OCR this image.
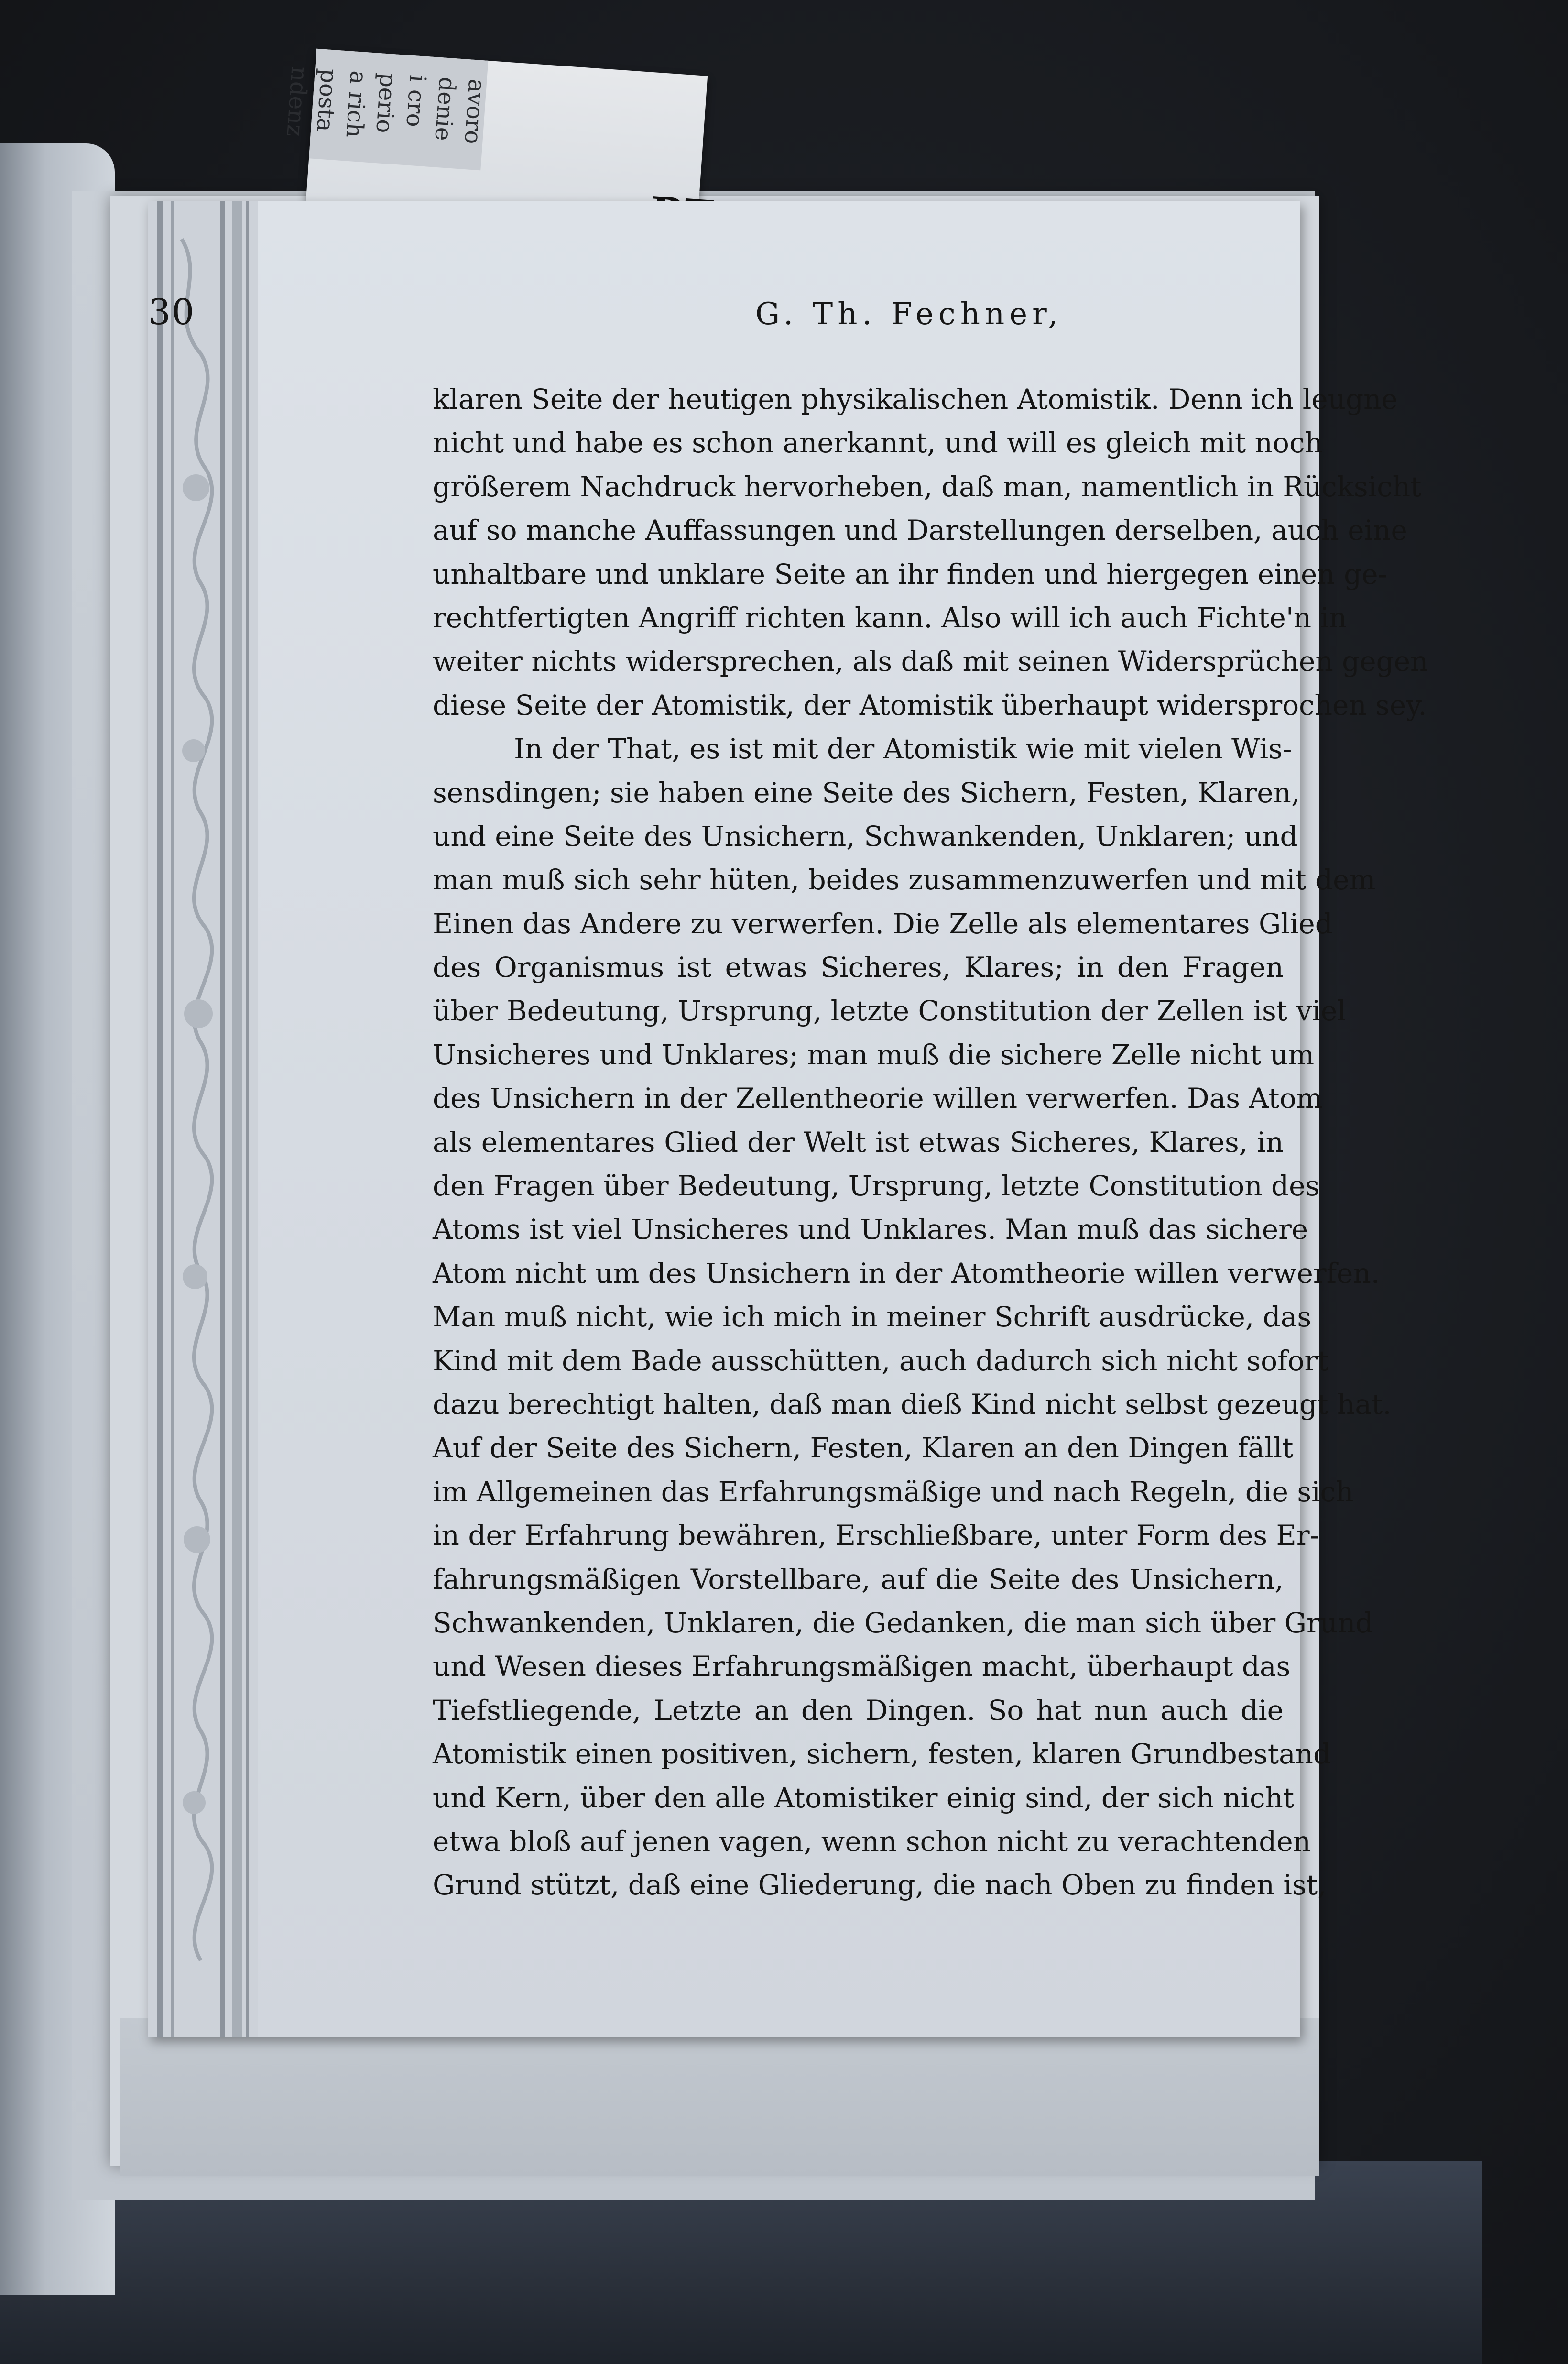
avoro
denie
i cro
perio
a rich
posta
ndenz
30	G. Th. Fechner,
klaren Seite der heutigen physikalischen Atomistik. Denn ich leugne
nicht und habe es schon anerkannt, und will es gleich mit noch
größerem Nachdruck hervorheben, daß man, namentlich in Rücksicht
auf so manche Auffassungen und Darstellungen derselben, auch eine
unhaltbare und unklare Seite an ihr finden und hiergegen einen ge-
rechtfertigten Angriff richten kann. Also will ich auch Fichte'n in
weiter nichts widersprechen, als daß mit seinen Widersprüchen gegen
diese Seite der Atomistik, der Atomistik überhaupt widersprochen sey.
In der That, es ist mit der Atomistik wie mit vielen Wis-
sensdingen; sie haben eine Seite des Sichern, Festen, Klaren,
und eine Seite des Unsichern, Schwankenden, Unklaren; und
man muß sich sehr hüten, beides zusammenzuwerfen und mit dem
Einen das Andere zu verwerfen. Die Zelle als elementares Glied
des Organismus ist etwas Sicheres, Klares; in den Fragen
über Bedeutung, Ursprung, letzte Constitution der Zellen ist viel
Unsicheres und Unklares; man muß die sichere Zelle nicht um
des Unsichern in der Zellentheorie willen verwerfen. Das Atom
als elementares Glied der Welt ist etwas Sicheres, Klares, in
den Fragen über Bedeutung, Ursprung, letzte Constitution des
Atoms ist viel Unsicheres und Unklares. Man muß das sichere
Atom nicht um des Unsichern in der Atomtheorie willen verwerfen.
Man muß nicht, wie ich mich in meiner Schrift ausdrücke, das
Kind mit dem Bade ausschütten, auch dadurch sich nicht sofort
dazu berechtigt halten, daß man dieß Kind nicht selbst gezeugt hat.
Auf der Seite des Sichern, Festen, Klaren an den Dingen fällt
im Allgemeinen das Erfahrungsmäßige und nach Regeln, die sich
in der Erfahrung bewähren, Erschließbare, unter Form des Er-
fahrungsmäßigen Vorstellbare, auf die Seite des Unsichern,
Schwankenden, Unklaren, die Gedanken, die man sich über Grund
und Wesen dieses Erfahrungsmäßigen macht, überhaupt das
Tiefstliegende, Letzte an den Dingen. So hat nun auch die
Atomistik einen positiven, sichern, festen, klaren Grundbestand
und Kern, über den alle Atomistiker einig sind, der sich nicht
etwa bloß auf jenen vagen, wenn schon nicht zu verachtenden
Grund stützt, daß eine Gliederung, die nach Oben zu finden ist,
